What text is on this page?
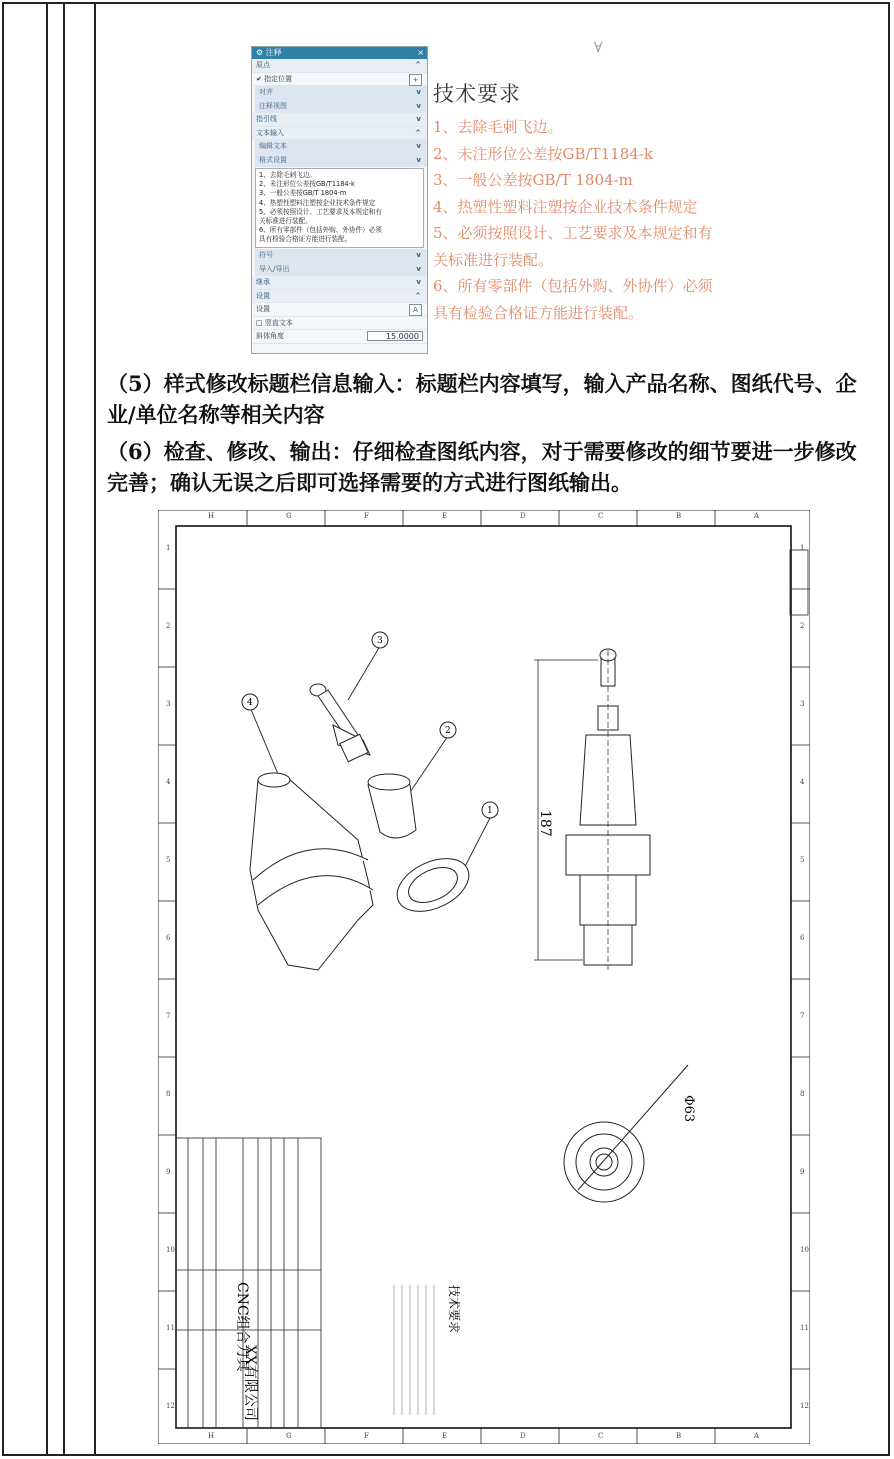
⚙ 注释	×
原点	^
✔ 指定位置	+
对齐	v
注释视图	v
指引线	v
文本输入	^
编辑文本	v
格式设置	v
1、去除毛刺飞边。
2、未注形位公差按GB/T1184-k
3、一般公差按GB/T 1804-m
4、热塑性塑料注塑按企业技术条件规定
5、必须按照设计、工艺要求及本规定和有
关标准进行装配。
6、所有零部件（包括外购、外协件）必须
具有检验合格证方能进行装配。
符号	v
导入/导出	v
继承	v
设置	^
设置	A
□ 竖直文本
斜体角度	15.0000
∀
技术要求
1、去除毛刺飞边。
2、未注形位公差按GB/T1184-k
3、一般公差按GB/T 1804-m
4、热塑性塑料注塑按企业技术条件规定
5、必须按照设计、工艺要求及本规定和有
关标准进行装配。
6、所有零部件（包括外购、外协件）必须
具有检验合格证方能进行装配。
（5）样式修改标题栏信息输入：标题栏内容填写，输入产品名称、图纸代号、企业/单位名称等相关内容
（6）检查、修改、输出：仔细检查图纸内容，对于需要修改的细节要进一步修改完善；确认无误之后即可选择需要的方式进行图纸输出。
H
H
G
G
F
F
E
E
D
D
C
C
B
B
A
A
1	1
2	2
3	3
4	4
5	5
6	6
7	7
8	8
9	9
10	10
11	11
12	12
1
2
3
4
187
Φ63
CNC组合刀具
XX有限公司
技术要求
